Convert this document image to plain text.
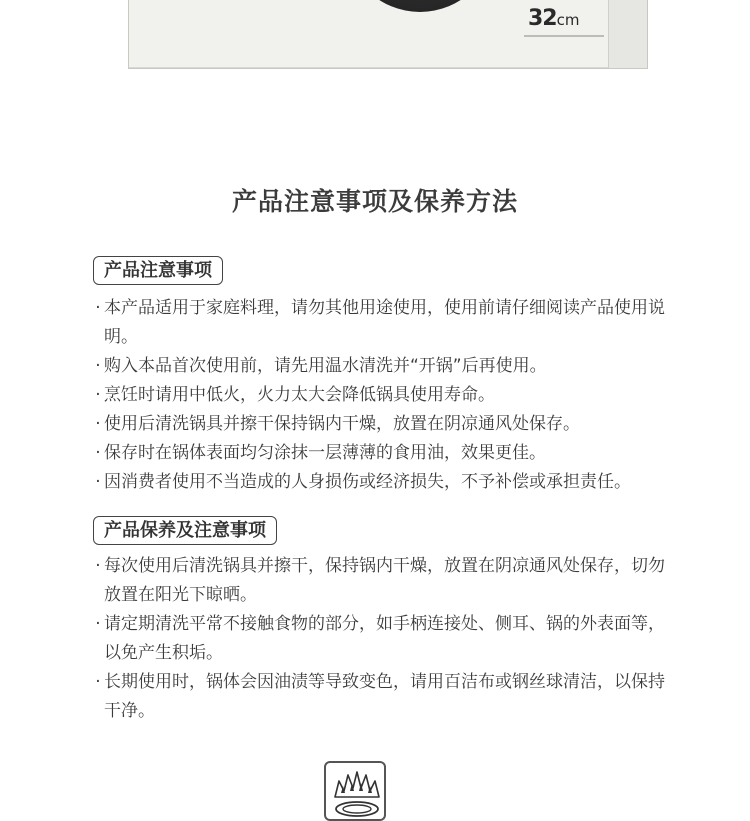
32cm
产品注意事项及保养方法
产品注意事项
· 本产品适用于家庭料理，请勿其他用途使用，使用前请仔细阅读产品使用说明。
· 购入本品首次使用前，请先用温水清洗并“开锅”后再使用。
· 烹饪时请用中低火，火力太大会降低锅具使用寿命。
· 使用后清洗锅具并擦干保持锅内干燥，放置在阴凉通风处保存。
· 保存时在锅体表面均匀涂抹一层薄薄的食用油，效果更佳。
· 因消费者使用不当造成的人身损伤或经济损失，不予补偿或承担责任。
产品保养及注意事项
· 每次使用后清洗锅具并擦干，保持锅内干燥，放置在阴凉通风处保存，切勿放置在阳光下晾晒。
· 请定期清洗平常不接触食物的部分，如手柄连接处、侧耳、锅的外表面等，以免产生积垢。
· 长期使用时，锅体会因油渍等导致变色，请用百洁布或钢丝球清洁，以保持干净。
